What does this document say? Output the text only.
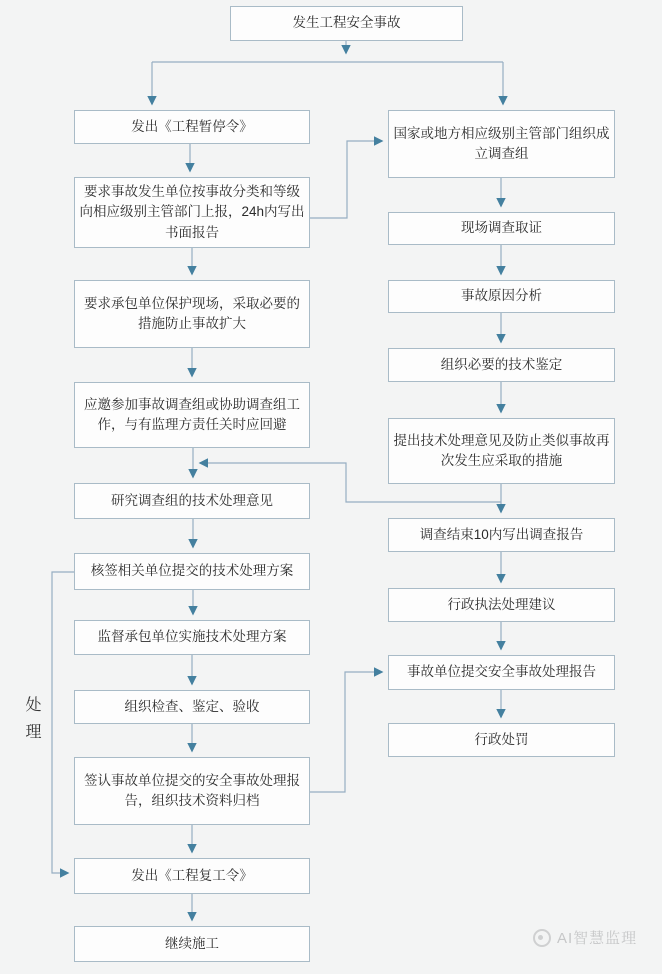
发生工程安全事故
发出《工程暂停令》
要求事故发生单位按事故分类和等级向相应级别主管部门上报，24h内写出书面报告
要求承包单位保护现场，采取必要的措施防止事故扩大
应邀参加事故调查组或协助调查组工作，与有监理方责任关时应回避
研究调查组的技术处理意见
核签相关单位提交的技术处理方案
监督承包单位实施技术处理方案
组织检查、鉴定、验收
签认事故单位提交的安全事故处理报告，组织技术资料归档
发出《工程复工令》
继续施工
国家或地方相应级别主管部门组织成立调查组
现场调查取证
事故原因分析
组织必要的技术鉴定
提出技术处理意见及防止类似事故再次发生应采取的措施
调查结束10内写出调查报告
行政执法处理建议
事故单位提交安全事故处理报告
行政处罚
处理
AI智慧监理
